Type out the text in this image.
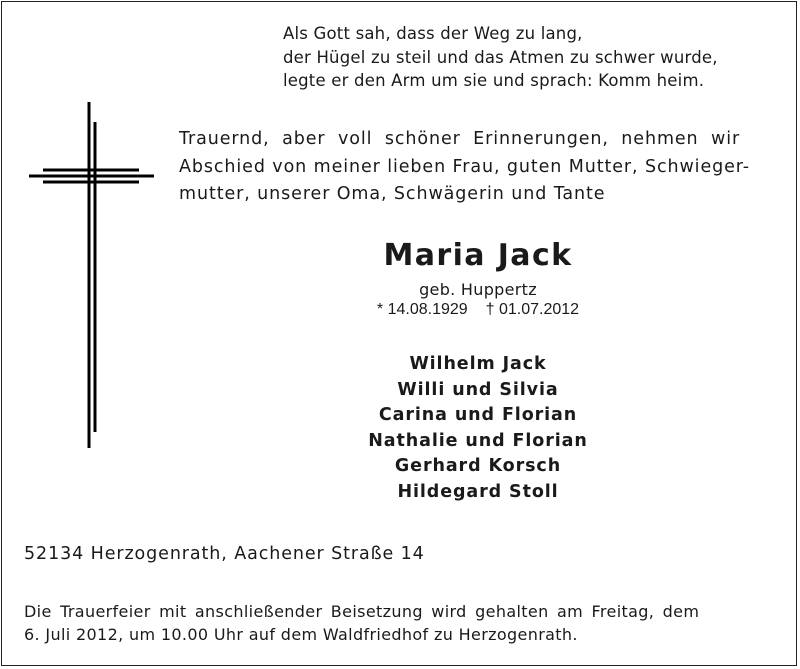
Als Gott sah, dass der Weg zu lang,
der Hügel zu steil und das Atmen zu schwer wurde,
legte er den Arm um sie und sprach: Komm heim.
Trauernd, aber voll schöner Erinnerungen, nehmen wir
Abschied von meiner lieben Frau, guten Mutter, Schwieger-
mutter, unserer Oma, Schwägerin und Tante
Maria Jack
geb. Huppertz
* 14.08.1929 † 01.07.2012
Wilhelm Jack
Willi und Silvia
Carina und Florian
Nathalie und Florian
Gerhard Korsch
Hildegard Stoll
52134 Herzogenrath, Aachener Straße 14
Die Trauerfeier mit anschließender Beisetzung wird gehalten am Freitag, dem
6. Juli 2012, um 10.00 Uhr auf dem Waldfriedhof zu Herzogenrath.
